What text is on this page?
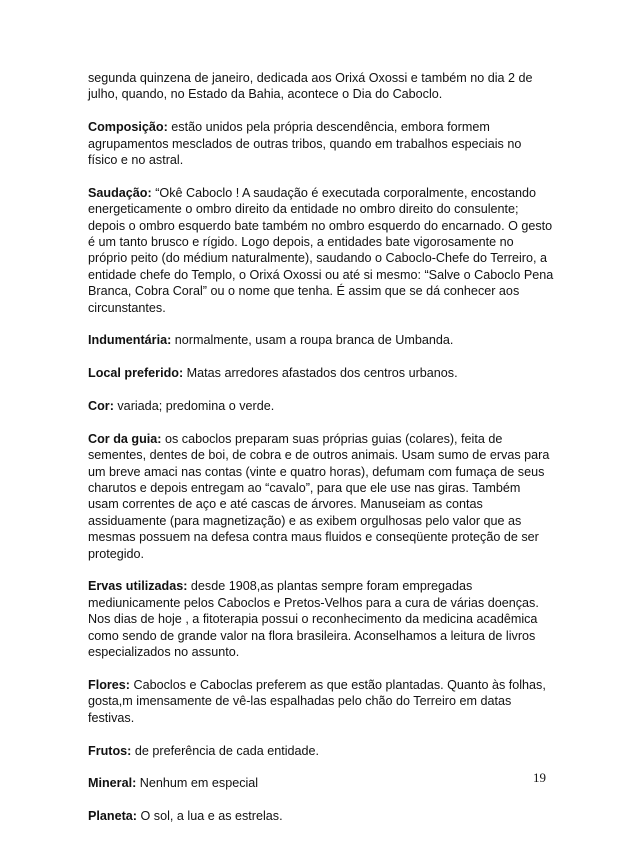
segunda quinzena de janeiro, dedicada aos Orixá Oxossi e também no dia 2 de julho, quando, no Estado da Bahia, acontece o Dia do Caboclo.

Composição: estão unidos pela própria descendência, embora formem agrupamentos mesclados de outras tribos, quando em trabalhos especiais no físico e no astral.

Saudação: “Okê Caboclo ! A saudação é executada corporalmente, encostando energeticamente o ombro direito da entidade no ombro direito do consulente; depois o ombro esquerdo bate também no ombro esquerdo do encarnado. O gesto é um tanto brusco e rígido. Logo depois, a entidades bate vigorosamente no próprio peito (do médium naturalmente), saudando o Caboclo-Chefe do Terreiro, a entidade chefe do Templo, o Orixá Oxossi ou até si mesmo: “Salve o Caboclo Pena Branca, Cobra Coral” ou o nome que tenha. É assim que se dá conhecer aos circunstantes.

Indumentária: normalmente, usam a roupa branca de Umbanda.

Local preferido: Matas arredores afastados dos centros urbanos.

Cor: variada; predomina o verde.

Cor da guia: os caboclos preparam suas próprias guias (colares), feita de sementes, dentes de boi, de cobra e de outros animais. Usam sumo de ervas para um breve amaci nas contas (vinte e quatro horas), defumam com fumaça de seus charutos e depois entregam ao “cavalo”, para que ele use nas giras. Também usam correntes de aço e até cascas de árvores. Manuseiam as contas assiduamente (para magnetização) e as exibem orgulhosas pelo valor que as mesmas possuem na defesa contra maus fluidos e conseqüente proteção de ser protegido.

Ervas utilizadas: desde 1908,as plantas sempre foram empregadas mediunicamente pelos Caboclos e Pretos-Velhos para a cura de várias doenças. Nos dias de hoje , a fitoterapia possui o reconhecimento da medicina acadêmica como sendo de grande valor na flora brasileira. Aconselhamos a leitura de livros especializados no assunto.

Flores: Caboclos e Caboclas preferem as que estão plantadas. Quanto às folhas, gosta,m imensamente de vê-las espalhadas pelo chão do Terreiro em datas festivas.

Frutos: de preferência de cada entidade.

Mineral: Nenhum em especial

Planeta: O sol, a lua e as estrelas.

19
